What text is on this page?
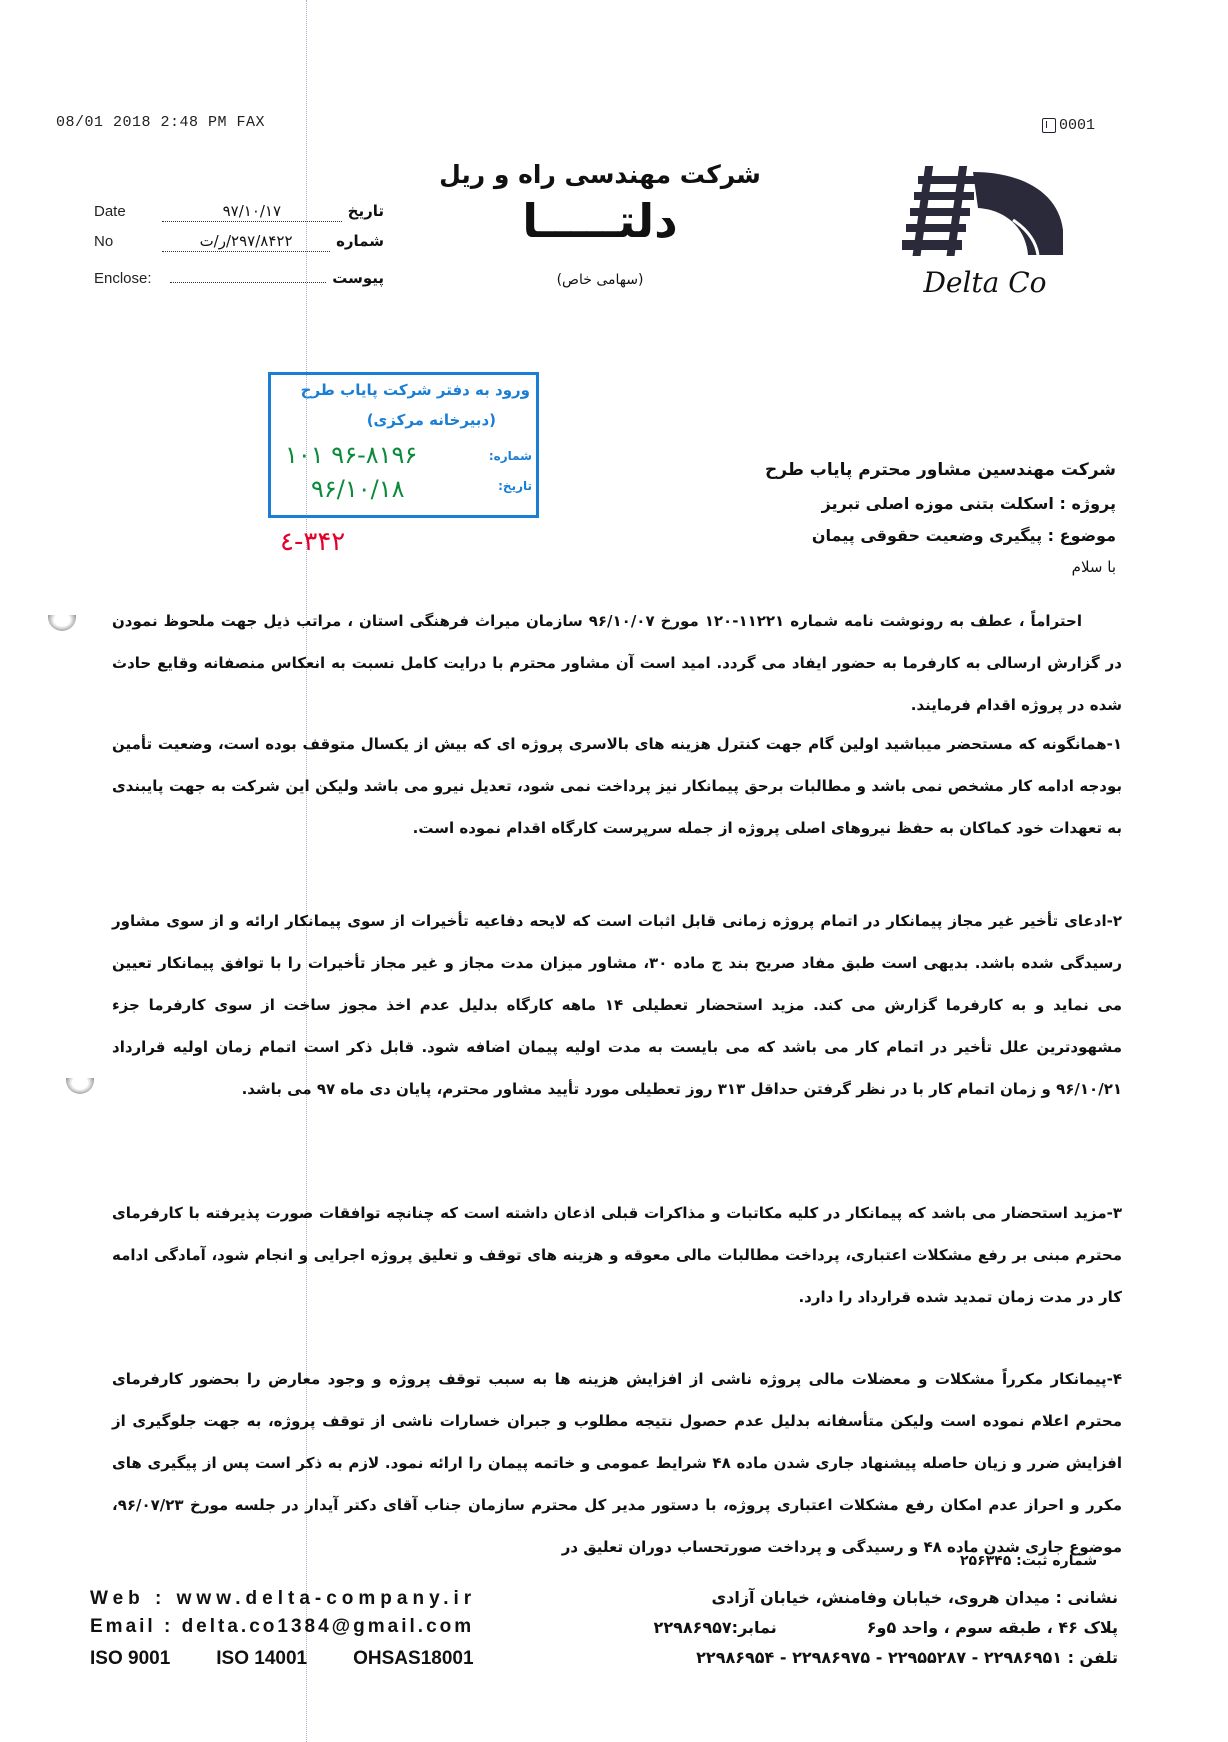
08/01 2018 2:48 PM FAX	0001
Date	۹۷/۱۰/۱۷	تاریخ
No	۲۹۷/۸۴۲۲/ر/ت	شماره
Enclose:	پیوست
شرکت مهندسی راه و ریل
دلتـــــا
(سهامی خاص)	Delta Co
ورود به دفتر شرکت پایاب طرح
(دبیرخانه مرکزی)
شماره:
تاریخ:
۱۰۱ ۹۶-۸۱۹۶
۹۶/۱۰/۱۸
۳۴۲-٤
شرکت مهندسین مشاور محترم پایاب طرح
پروژه : اسکلت بتنی موزه اصلی تبریز
موضوع : پیگیری وضعیت حقوقی پیمان
با سلام
احتراماً ، عطف به رونوشت نامه شماره ۱۱۲۲۱-۱۲۰ مورخ ۹۶/۱۰/۰۷ سازمان میراث فرهنگی استان ، مراتب ذیل جهت ملحوظ نمودن در گزارش ارسالی به کارفرما به حضور ایفاد می گردد. امید است آن مشاور محترم با درایت کامل نسبت به انعکاس منصفانه وقایع حادث شده در پروژه اقدام فرمایند.
۱-همانگونه که مستحضر میباشید اولین گام جهت کنترل هزینه های بالاسری پروژه ای که بیش از یکسال متوقف بوده است، وضعیت تأمین بودجه ادامه کار مشخص نمی باشد و مطالبات برحق پیمانکار نیز پرداخت نمی شود، تعدیل نیرو می باشد ولیکن این شرکت به جهت پایبندی به تعهدات خود کماکان به حفظ نیروهای اصلی پروژه از جمله سرپرست کارگاه اقدام نموده است.
۲-ادعای تأخیر غیر مجاز پیمانکار در اتمام پروژه زمانی قابل اثبات است که لایحه دفاعیه تأخیرات از سوی پیمانکار ارائه و از سوی مشاور رسیدگی شده باشد. بدیهی است طبق مفاد صریح بند ج ماده ۳۰، مشاور میزان مدت مجاز و غیر مجاز تأخیرات را با توافق پیمانکار تعیین می نماید و به کارفرما گزارش می کند. مزید استحضار تعطیلی ۱۴ ماهه کارگاه بدلیل عدم اخذ مجوز ساخت از سوی کارفرما جزء مشهودترین علل تأخیر در اتمام کار می باشد که می بایست به مدت اولیه پیمان اضافه شود. قابل ذکر است اتمام زمان اولیه قرارداد ۹۶/۱۰/۲۱ و زمان اتمام کار با در نظر گرفتن حداقل ۳۱۳ روز تعطیلی مورد تأیید مشاور محترم، پایان دی ماه ۹۷ می باشد.
۳-مزید استحضار می باشد که پیمانکار در کلیه مکاتبات و مذاکرات قبلی اذعان داشته است که چنانچه توافقات صورت پذیرفته با کارفرمای محترم مبنی بر رفع مشکلات اعتباری، پرداخت مطالبات مالی معوقه و هزینه های توقف و تعلیق پروژه اجرایی و انجام شود، آمادگی ادامه کار در مدت زمان تمدید شده قرارداد را دارد.
۴-پیمانکار مکرراً مشکلات و معضلات مالی پروژه ناشی از افزایش هزینه ها به سبب توقف پروژه و وجود معارض را بحضور کارفرمای محترم اعلام نموده است ولیکن متأسفانه بدلیل عدم حصول نتیجه مطلوب و جبران خسارات ناشی از توقف پروژه، به جهت جلوگیری از افزایش ضرر و زیان حاصله پیشنهاد جاری شدن ماده ۴۸ شرایط عمومی و خاتمه پیمان را ارائه نمود. لازم به ذکر است پس از پیگیری های مکرر و احراز عدم امکان رفع مشکلات اعتباری پروژه، با دستور مدیر کل محترم سازمان جناب آقای دکتر آیدار در جلسه مورخ ۹۶/۰۷/۲۳، موضوع جاری شدن ماده ۴۸ و رسیدگی و پرداخت صورتحساب دوران تعلیق در
شماره ثبت: ۲۵۶۳۴۵
Web : www.delta-company.ir
Email : delta.co1384@gmail.com
ISO 9001 ISO 14001 OHSAS18001
نشانی : میدان هروی، خیابان وفامنش، خیابان آزادی
پلاک ۴۶ ، طبقه سوم ، واحد ۵و۶
نمابر:۲۲۹۸۶۹۵۷
تلفن : ۲۲۹۸۶۹۵۱ - ۲۲۹۵۵۲۸۷ - ۲۲۹۸۶۹۷۵ - ۲۲۹۸۶۹۵۴
